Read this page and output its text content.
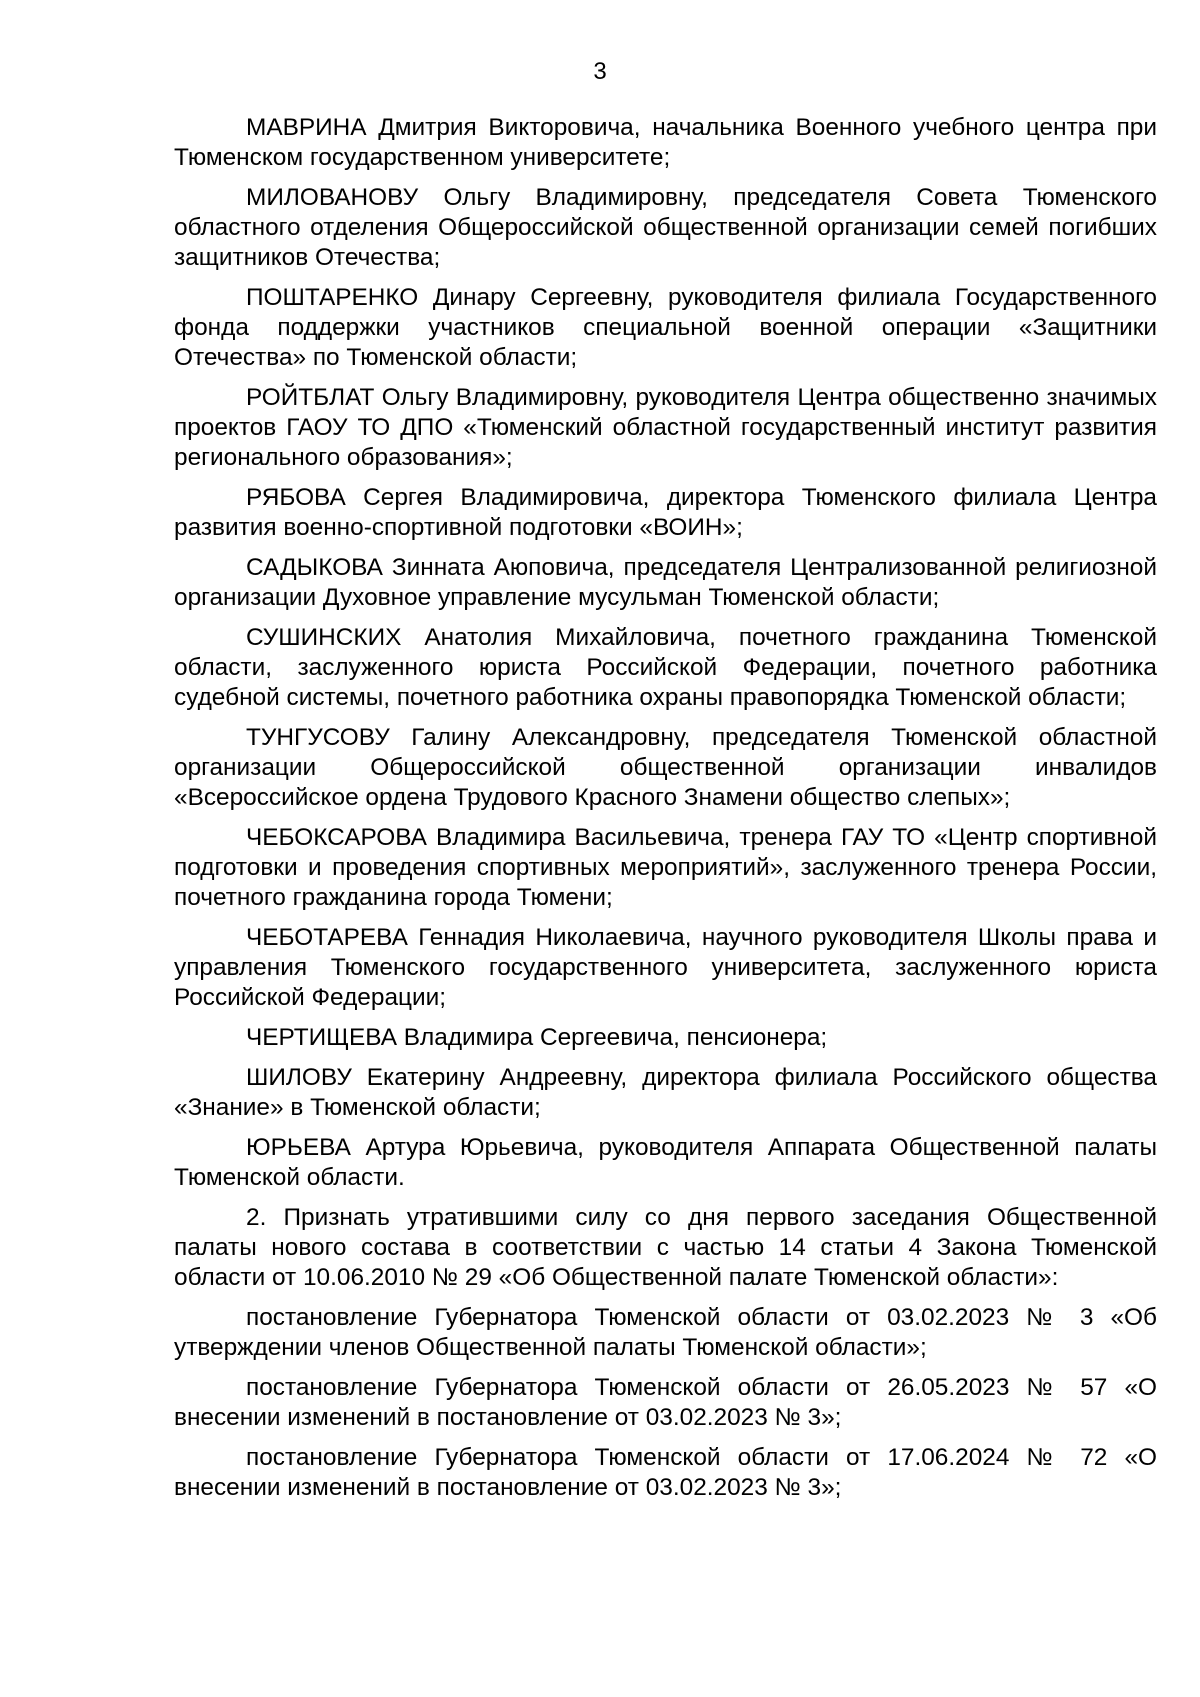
3

МАВРИНА Дмитрия Викторовича, начальника Военного учебного центра при Тюменском государственном университете;

МИЛОВАНОВУ Ольгу Владимировну, председателя Совета Тюменского областного отделения Общероссийской общественной организации семей погибших защитников Отечества;

ПОШТАРЕНКО Динару Сергеевну, руководителя филиала Государственного фонда поддержки участников специальной военной операции «Защитники Отечества» по Тюменской области;

РОЙТБЛАТ Ольгу Владимировну, руководителя Центра общественно значимых проектов ГАОУ ТО ДПО «Тюменский областной государственный институт развития регионального образования»;

РЯБОВА Сергея Владимировича, директора Тюменского филиала Центра развития военно-спортивной подготовки «ВОИН»;

САДЫКОВА Зинната Аюповича, председателя Централизованной религиозной организации Духовное управление мусульман Тюменской области;

СУШИНСКИХ Анатолия Михайловича, почетного гражданина Тюменской области, заслуженного юриста Российской Федерации, почетного работника судебной системы, почетного работника охраны правопорядка Тюменской области;

ТУНГУСОВУ Галину Александровну, председателя Тюменской областной организации Общероссийской общественной организации инвалидов «Всероссийское ордена Трудового Красного Знамени общество слепых»;

ЧЕБОКСАРОВА Владимира Васильевича, тренера ГАУ ТО «Центр спортивной подготовки и проведения спортивных мероприятий», заслуженного тренера России, почетного гражданина города Тюмени;

ЧЕБОТАРЕВА Геннадия Николаевича, научного руководителя Школы права и управления Тюменского государственного университета, заслуженного юриста Российской Федерации;

ЧЕРТИЩЕВА Владимира Сергеевича, пенсионера;

ШИЛОВУ Екатерину Андреевну, директора филиала Российского общества «Знание» в Тюменской области;

ЮРЬЕВА Артура Юрьевича, руководителя Аппарата Общественной палаты Тюменской области.

2. Признать утратившими силу со дня первого заседания Общественной палаты нового состава в соответствии с частью 14 статьи 4 Закона Тюменской области от 10.06.2010 № 29 «Об Общественной палате Тюменской области»:

постановление Губернатора Тюменской области от 03.02.2023 № 3 «Об утверждении членов Общественной палаты Тюменской области»;

постановление Губернатора Тюменской области от 26.05.2023 № 57 «О внесении изменений в постановление от 03.02.2023 № 3»;

постановление Губернатора Тюменской области от 17.06.2024 № 72 «О внесении изменений в постановление от 03.02.2023 № 3»;
